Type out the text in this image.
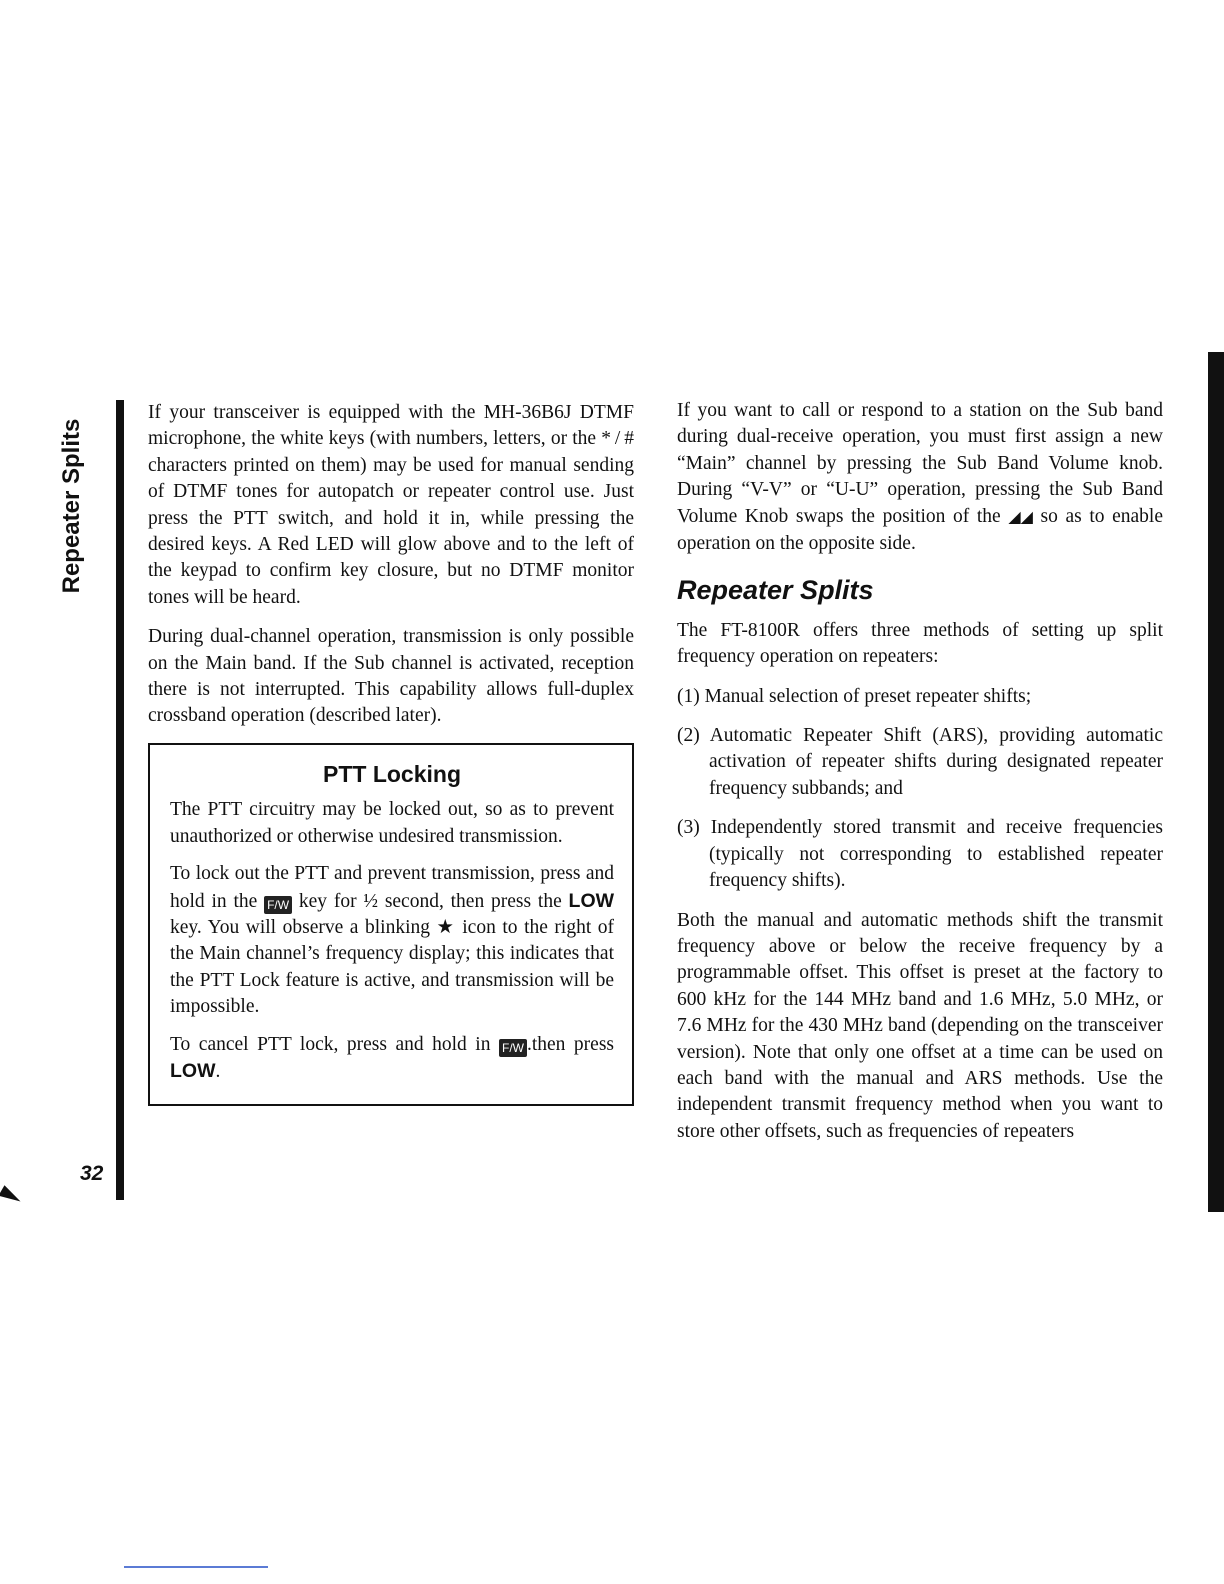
Repeater Splits
32

If your transceiver is equipped with the MH-36B6J DTMF microphone, the white keys (with numbers, letters, or the * / # characters printed on them) may be used for manual sending of DTMF tones for autopatch or repeater control use. Just press the PTT switch, and hold it in, while pressing the desired keys. A Red LED will glow above and to the left of the keypad to confirm key closure, but no DTMF monitor tones will be heard.

During dual-channel operation, transmission is only possible on the Main band. If the Sub channel is activated, reception there is not interrupted. This capability allows full-duplex crossband operation (described later).

PTT Locking

The PTT circuitry may be locked out, so as to prevent unauthorized or otherwise undesired transmission.

To lock out the PTT and prevent transmission, press and hold in the F/W key for ½ second, then press the LOW key. You will observe a blinking ★ icon to the right of the Main channel’s frequency display; this indicates that the PTT Lock feature is active, and transmission will be impossible.

To cancel PTT lock, press and hold in F/W .then press LOW.

If you want to call or respond to a station on the Sub band during dual-receive operation, you must first assign a new “Main” channel by pressing the Sub Band Volume knob. During “V-V” or “U-U” operation, pressing the Sub Band Volume Knob swaps the position of the ◢◢ so as to enable operation on the opposite side.

Repeater Splits

The FT-8100R offers three methods of setting up split frequency operation on repeaters:

(1) Manual selection of preset repeater shifts;

(2) Automatic Repeater Shift (ARS), providing automatic activation of repeater shifts during designated repeater frequency subbands; and

(3) Independently stored transmit and receive frequencies (typically not corresponding to established repeater frequency shifts).

Both the manual and automatic methods shift the transmit frequency above or below the receive frequency by a programmable offset. This offset is preset at the factory to 600 kHz for the 144 MHz band and 1.6 MHz, 5.0 MHz, or 7.6 MHz for the 430 MHz band (depending on the transceiver version). Note that only one offset at a time can be used on each band with the manual and ARS methods. Use the independent transmit frequency method when you want to store other offsets, such as frequencies of repeaters
